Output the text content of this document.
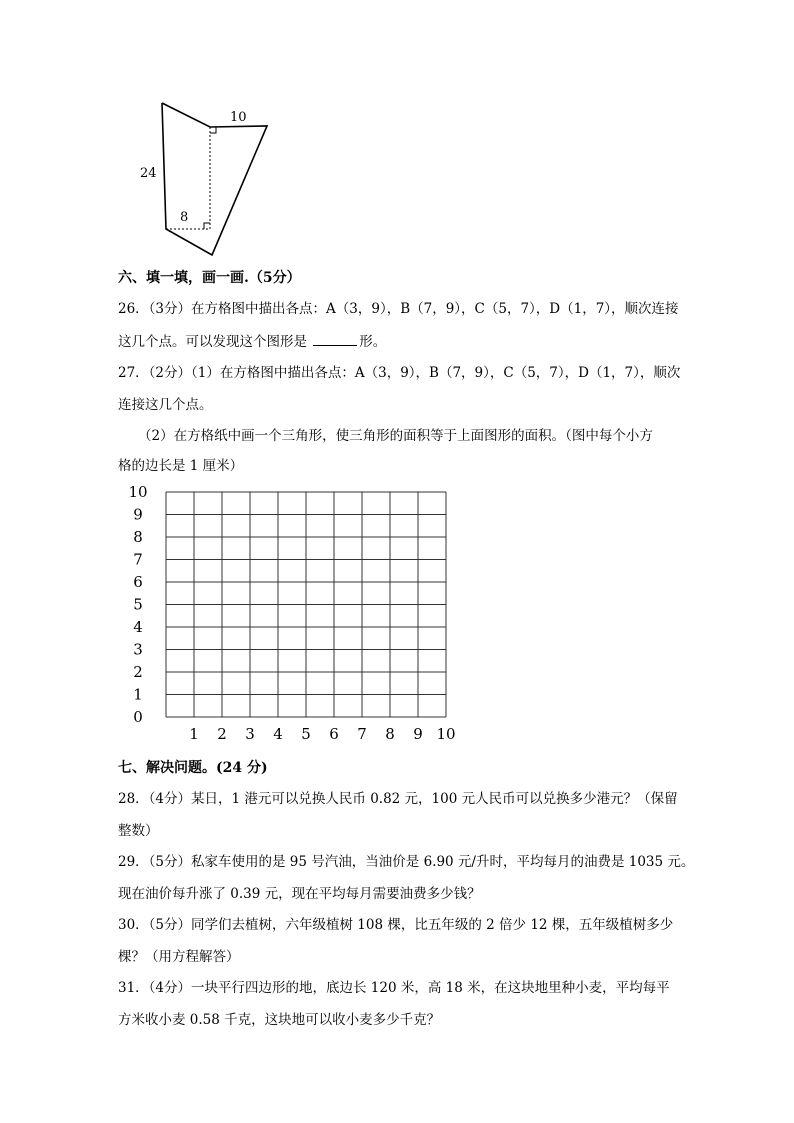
10
24
8
六、填一填，画一画.（5分）
26．（3分）在方格图中描出各点：A（3，9），B（7，9），C（5，7），D（1，7），顺次连接
这几个点。可以发现这个图形是	形。
27．（2分）（1）在方格图中描出各点：A（3，9），B（7，9），C（5，7），D（1，7），顺次
连接这几个点。
（2）在方格纸中画一个三角形，使三角形的面积等于上面图形的面积。（图中每个小方
格的边长是 1 厘米）
10
9
8
7
6
5
4
3
2
1
0
1 2 3 4 5 6 7 8 9 10
七、解决问题。(24 分)
28．（4分）某日，1 港元可以兑换人民币 0.82 元，100 元人民币可以兑换多少港元？（保留
整数）
29．（5分）私家车使用的是 95 号汽油，当油价是 6.90 元/升时，平均每月的油费是 1035 元。
现在油价每升涨了 0.39 元，现在平均每月需要油费多少钱？
30．（5分）同学们去植树，六年级植树 108 棵，比五年级的 2 倍少 12 棵，五年级植树多少
棵？（用方程解答）
31．（4分）一块平行四边形的地，底边长 120 米，高 18 米，在这块地里种小麦，平均每平
方米收小麦 0.58 千克，这块地可以收小麦多少千克？
